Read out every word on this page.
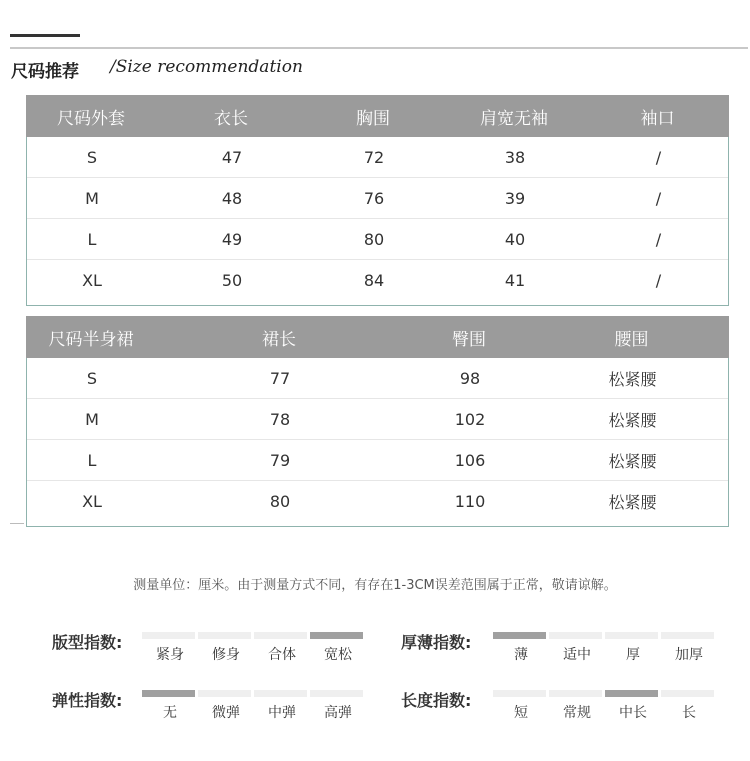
尺码推荐 /Size recommendation
尺码外套	衣长	胸围	肩宽无袖	袖口
S	47	72	38	/
M	48	76	39	/
L	49	80	40	/
XL	50	84	41	/
尺码半身裙	裙长	臀围	腰围
S	77	98	松紧腰
M	78	102	松紧腰
L	79	106	松紧腰
XL	80	110	松紧腰
测量单位：厘米。由于测量方式不同，有存在1-3CM误差范围属于正常，敬请谅解。
版型指数:
紧身	修身	合体	宽松
厚薄指数:
薄	适中	厚	加厚
弹性指数:
无	微弹	中弹	高弹
长度指数:
短	常规	中长	长
